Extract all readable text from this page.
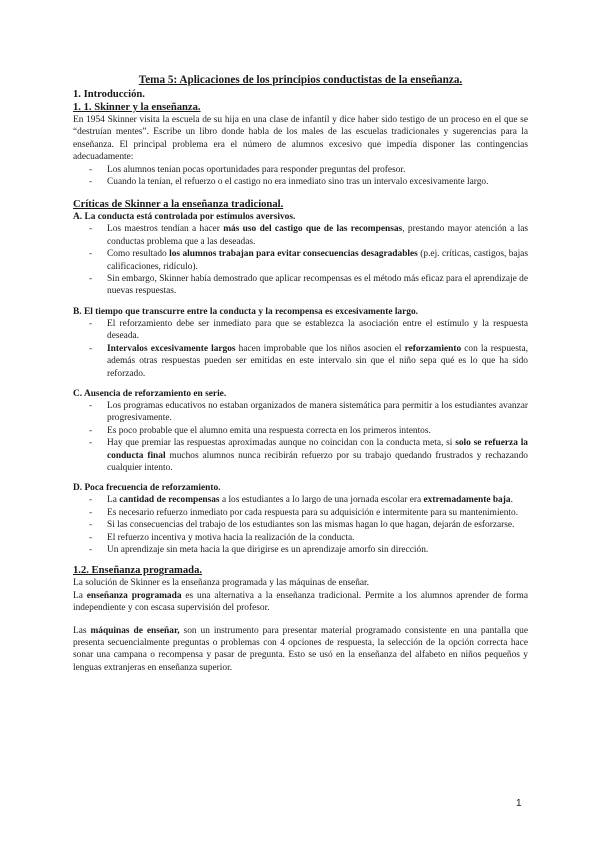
Tema 5: Aplicaciones de los principios conductistas de la enseñanza.
1. Introducción.
1. 1. Skinner y la enseñanza.
En 1954 Skinner visita la escuela de su hija en una clase de infantil y dice haber sido testigo de un proceso en el que se “destruían mentes”. Escribe un libro donde habla de los males de las escuelas tradicionales y sugerencias para la enseñanza. El principal problema era el número de alumnos excesivo que impedía disponer las contingencias adecuadamente:
- Los alumnos tenían pocas oportunidades para responder preguntas del profesor.
- Cuando la tenían, el refuerzo o el castigo no era inmediato sino tras un intervalo excesivamente largo.
Críticas de Skinner a la enseñanza tradicional.
A. La conducta está controlada por estímulos aversivos.
- Los maestros tendían a hacer más uso del castigo que de las recompensas, prestando mayor atención a las conductas problema que a las deseadas.
- Como resultado los alumnos trabajan para evitar consecuencias desagradables (p.ej. críticas, castigos, bajas calificaciones, ridículo).
- Sin embargo, Skinner había demostrado que aplicar recompensas es el método más eficaz para el aprendizaje de nuevas respuestas.
B. El tiempo que transcurre entre la conducta y la recompensa es excesivamente largo.
- El reforzamiento debe ser inmediato para que se establezca la asociación entre el estímulo y la respuesta deseada.
- Intervalos excesivamente largos hacen improbable que los niños asocien el reforzamiento con la respuesta, además otras respuestas pueden ser emitidas en este intervalo sin que el niño sepa qué es lo que ha sido reforzado.
C. Ausencia de reforzamiento en serie.
- Los programas educativos no estaban organizados de manera sistemática para permitir a los estudiantes avanzar progresivamente.
- Es poco probable que el alumno emita una respuesta correcta en los primeros intentos.
- Hay que premiar las respuestas aproximadas aunque no coincidan con la conducta meta, si solo se refuerza la conducta final muchos alumnos nunca recibirán refuerzo por su trabajo quedando frustrados y rechazando cualquier intento.
D. Poca frecuencia de reforzamiento.
- La cantidad de recompensas a los estudiantes a lo largo de una jornada escolar era extremadamente baja.
- Es necesario refuerzo inmediato por cada respuesta para su adquisición e intermitente para su mantenimiento.
- Si las consecuencias del trabajo de los estudiantes son las mismas hagan lo que hagan, dejarán de esforzarse.
- El refuerzo incentiva y motiva hacia la realización de la conducta.
- Un aprendizaje sin meta hacia la que dirigirse es un aprendizaje amorfo sin dirección.
1.2. Enseñanza programada.
La solución de Skinner es la enseñanza programada y las máquinas de enseñar.
La enseñanza programada es una alternativa a la enseñanza tradicional. Permite a los alumnos aprender de forma independiente y con escasa supervisión del profesor.
Las máquinas de enseñar, son un instrumento para presentar material programado consistente en una pantalla que presenta secuencialmente preguntas o problemas con 4 opciones de respuesta, la selección de la opción correcta hace sonar una campana o recompensa y pasar de pregunta. Esto se usó en la enseñanza del alfabeto en niños pequeños y lenguas extranjeras en enseñanza superior.
1
